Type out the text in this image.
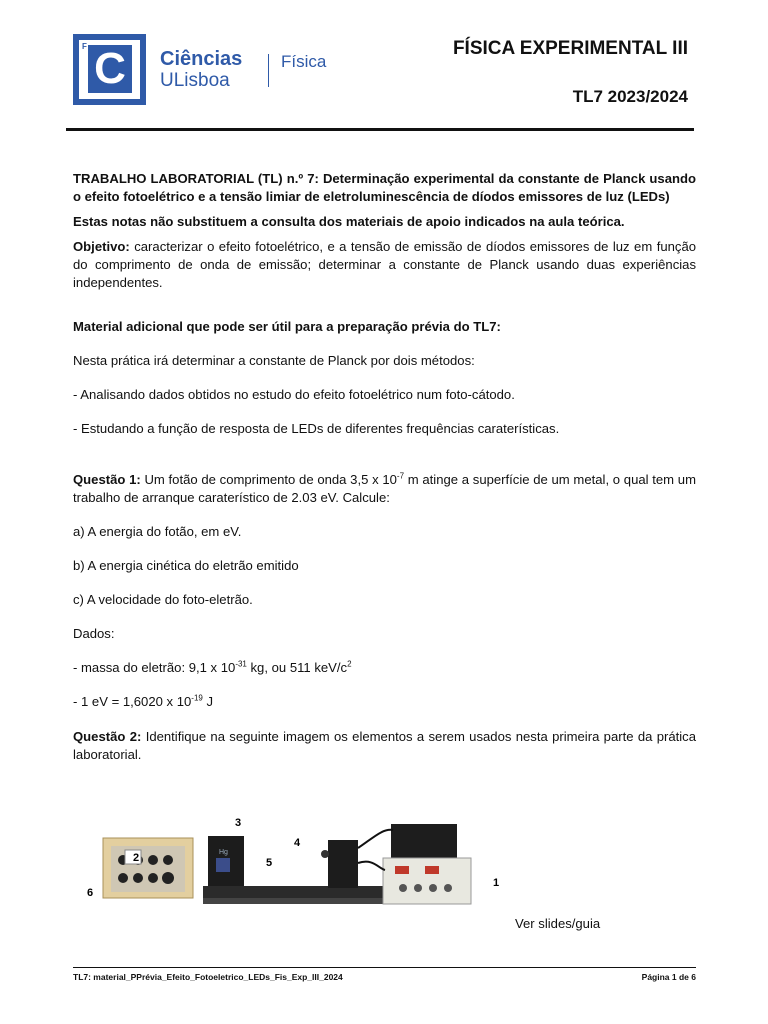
F C	Ciências
ULisboa
Física
FÍSICA EXPERIMENTAL III
TL7 2023/2024

TRABALHO LABORATORIAL (TL) n.º 7: Determinação experimental da constante de Planck usando o efeito fotoelétrico e a tensão limiar de eletroluminescência de díodos emissores de luz (LEDs)

Estas notas não substituem a consulta dos materiais de apoio indicados na aula teórica.

Objetivo: caracterizar o efeito fotoelétrico, e a tensão de emissão de díodos emissores de luz em função do comprimento de onda de emissão; determinar a constante de Planck usando duas experiências independentes.

Material adicional que pode ser útil para a preparação prévia do TL7:

Nesta prática irá determinar a constante de Planck por dois métodos:

- Analisando dados obtidos no estudo do efeito fotoelétrico num foto-cátodo.

- Estudando a função de resposta de LEDs de diferentes frequências caraterísticas.

Questão 1: Um fotão de comprimento de onda 3,5 x $10^{-7}$ m atinge a superfície de um metal, o qual tem um trabalho de arranque caraterístico de 2.03 eV. Calcule:

a) A energia do fotão, em eV.

b) A energia cinética do eletrão emitido

c) A velocidade do foto-eletrão.

Dados:

- massa do eletrão: 9,1 x $10^{-31}$ kg, ou 511 keV/$c^2$

- 1 eV = 1,6020 x $10^{-19}$ J

Questão 2: Identifique na seguinte imagem os elementos a serem usados nesta primeira parte da prática laboratorial.

2
6
3
Hg
5
4
1
Ver slides/guia
TL7: material_PPrévia_Efeito_Fotoeletrico_LEDs_Fis_Exp_III_2024	Página 1 de 6
